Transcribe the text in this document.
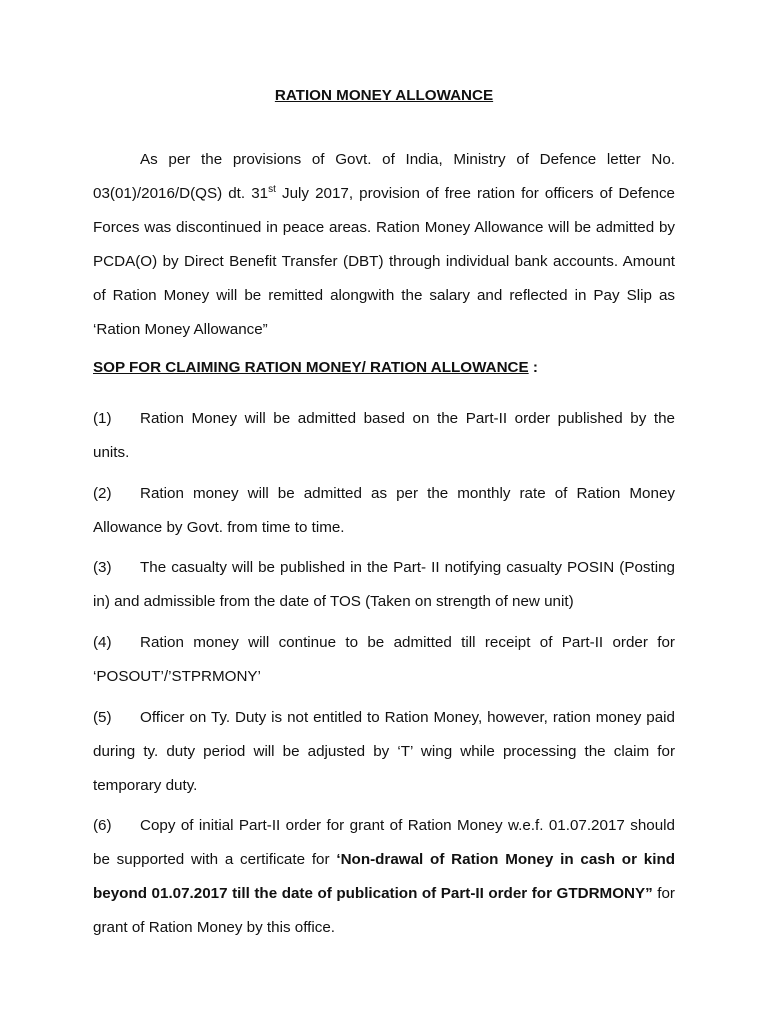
RATION MONEY ALLOWANCE

As per the provisions of Govt. of India, Ministry of Defence letter No. 03(01)/2016/D(QS) dt. 31st July 2017, provision of free ration for officers of Defence Forces was discontinued in peace areas. Ration Money Allowance will be admitted by PCDA(O) by Direct Benefit Transfer (DBT) through individual bank accounts. Amount of Ration Money will be remitted alongwith the salary and reflected in Pay Slip as ‘Ration Money Allowance”

SOP FOR CLAIMING RATION MONEY/ RATION ALLOWANCE :

(1) Ration Money will be admitted based on the Part-II order published by the units.

(2) Ration money will be admitted as per the monthly rate of Ration Money Allowance by Govt. from time to time.

(3) The casualty will be published in the Part- II notifying casualty POSIN (Posting in) and admissible from the date of TOS (Taken on strength of new unit)

(4) Ration money will continue to be admitted till receipt of Part-II order for ‘POSOUT’/’STPRMONY’

(5) Officer on Ty. Duty is not entitled to Ration Money, however, ration money paid during ty. duty period will be adjusted by ‘T’ wing while processing the claim for temporary duty.

(6) Copy of initial Part-II order for grant of Ration Money w.e.f. 01.07.2017 should be supported with a certificate for ‘Non-drawal of Ration Money in cash or kind beyond 01.07.2017 till the date of publication of Part-II order for GTDRMONY” for grant of Ration Money by this office.
